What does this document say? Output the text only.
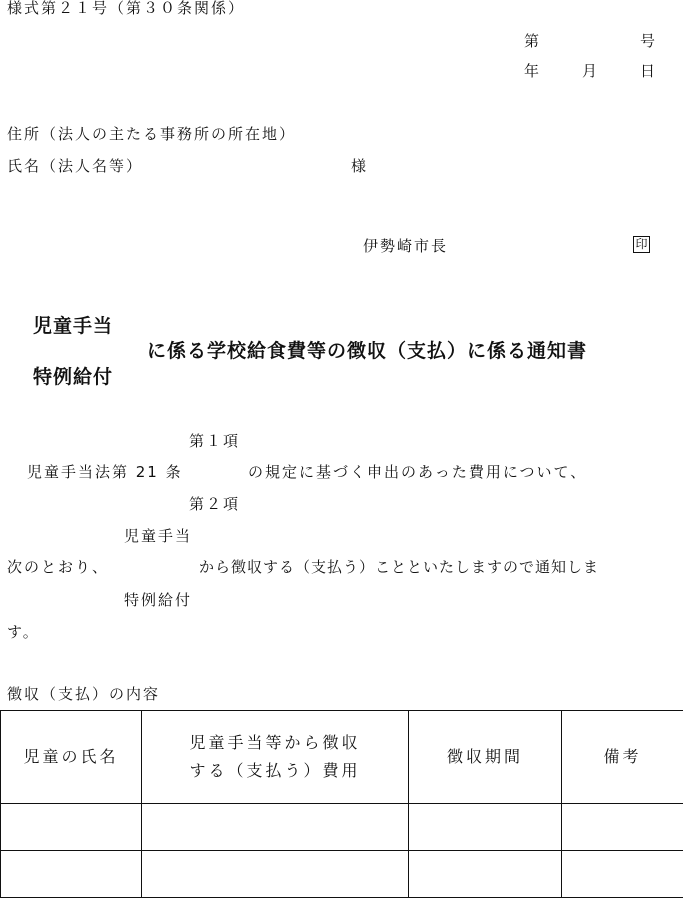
様式第２１号（第３０条関係）
第	号
年	月	日
住所（法人の主たる事務所の所在地）
氏名（法人名等）	様
伊勢崎市長	印
児童手当
に係る学校給食費等の徴収（支払）に係る通知書
特例給付
第１項
児童手当法第 21 条	の規定に基づく申出のあった費用について、
第２項
児童手当
次のとおり、	から徴収する（支払う）ことといたしますので通知しま
特例給付
す。
徴収（支払）の内容
児童の氏名	児童手当等から徴収
する（支払う）費用	徴収期間	備考
